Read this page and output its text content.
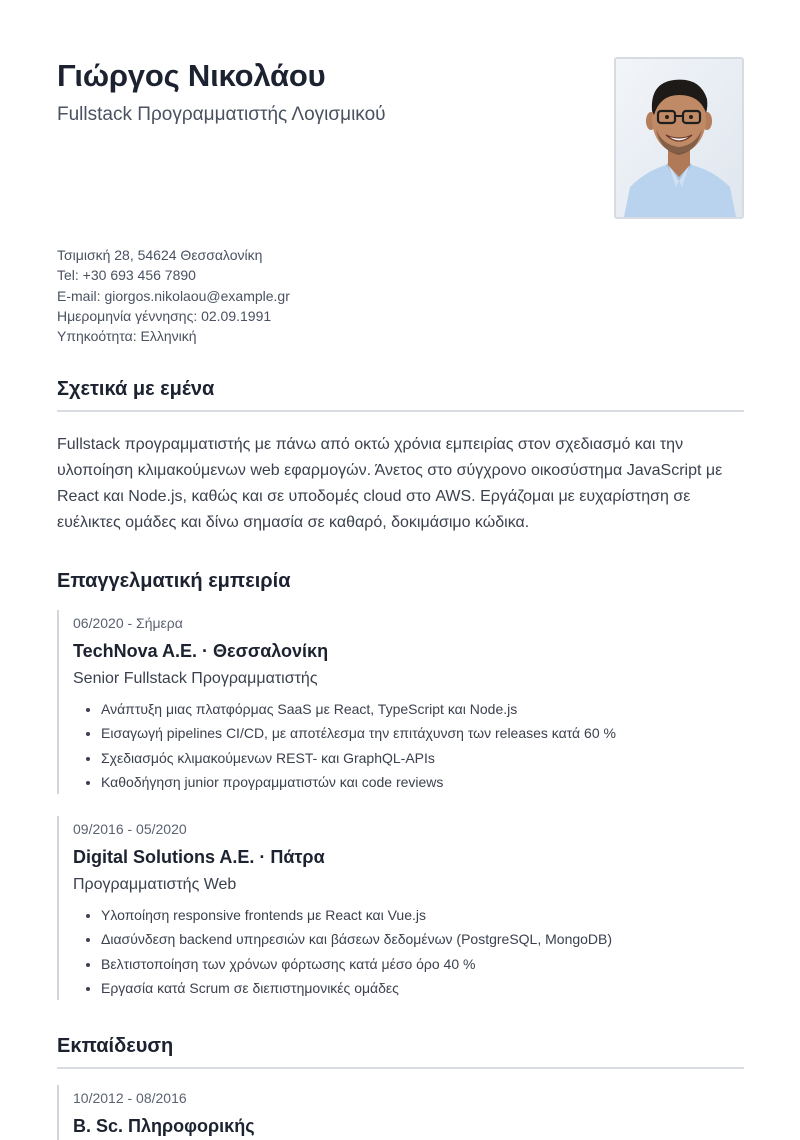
Γιώργος Νικολάου

Fullstack Προγραμματιστής Λογισμικού

Τσιμισκή 28, 54624 Θεσσαλονίκη
Tel: +30 693 456 7890
E-mail: giorgos.nikolaou@example.gr
Ημερομηνία γέννησης: 02.09.1991
Υπηκοότητα: Ελληνική
Σχετικά με εμένα

Fullstack προγραμματιστής με πάνω από οκτώ χρόνια εμπειρίας στον σχεδιασμό και την υλοποίηση κλιμακούμενων web εφαρμογών. Άνετος στο σύγχρονο οικοσύστημα JavaScript με React και Node.js, καθώς και σε υποδομές cloud στο AWS. Εργάζομαι με ευχαρίστηση σε ευέλικτες ομάδες και δίνω σημασία σε καθαρό, δοκιμάσιμο κώδικα.

Επαγγελματική εμπειρία
06/2020 - Σήμερα
TechNova A.E. · Θεσσαλονίκη
Senior Fullstack Προγραμματιστής
• Ανάπτυξη μιας πλατφόρμας SaaS με React, TypeScript και Node.js
• Εισαγωγή pipelines CI/CD, με αποτέλεσμα την επιτάχυνση των releases κατά 60 %
• Σχεδιασμός κλιμακούμενων REST- και GraphQL-APIs
• Καθοδήγηση junior προγραμματιστών και code reviews
09/2016 - 05/2020
Digital Solutions A.E. · Πάτρα
Προγραμματιστής Web
• Υλοποίηση responsive frontends με React και Vue.js
• Διασύνδεση backend υπηρεσιών και βάσεων δεδομένων (PostgreSQL, MongoDB)
• Βελτιστοποίηση των χρόνων φόρτωσης κατά μέσο όρο 40 %
• Εργασία κατά Scrum σε διεπιστημονικές ομάδες
Εκπαίδευση
10/2012 - 08/2016
B. Sc. Πληροφορικής
